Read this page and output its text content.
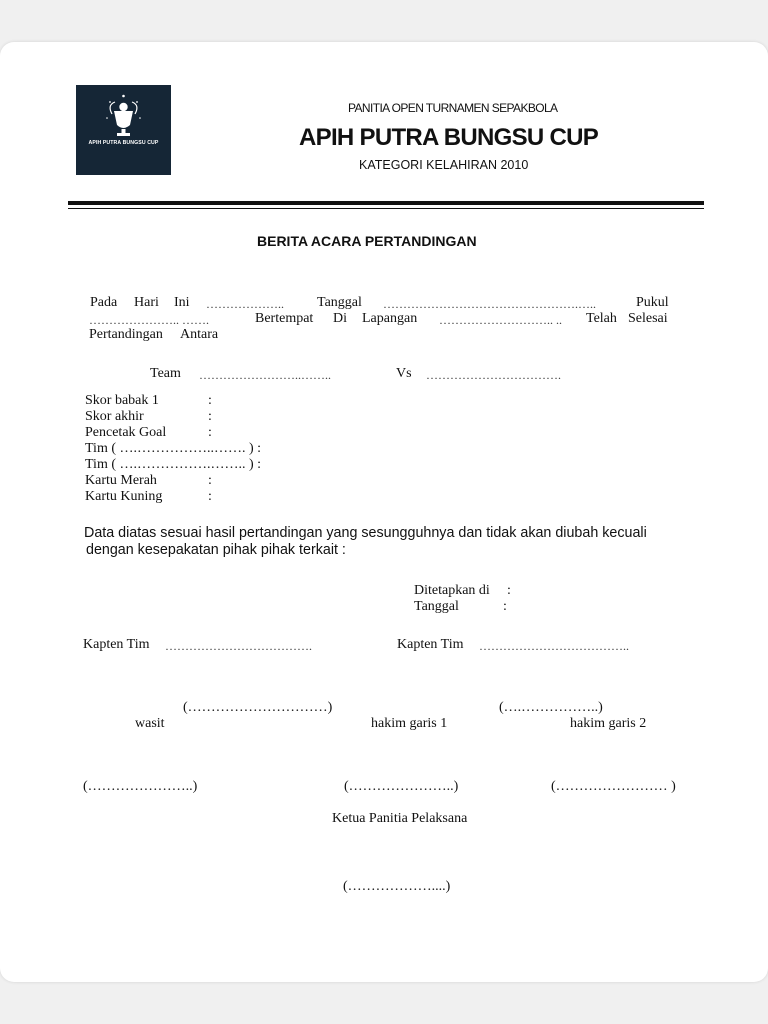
APIH PUTRA BUNGSU CUP
PANITIA OPEN TURNAMEN SEPAKBOLA
APIH PUTRA BUNGSU CUP
KATEGORI KELAHIRAN 2010
BERITA ACARA PERTANDINGAN
Pada Hari Ini ……………….. Tanggal ………………………………………….…..	Pukul
………………….. …….	Bertempat Di Lapangan ……………………….. .. Telah Selesai
Pertandingan Antara
Team ……………………..……..	Vs …………………………….
Skor babak 1	:
Skor akhir	:
Pencetak Goal	:
Tim ( ….……………..……. ) :
Tim ( ….…………….…….. ) :
Kartu Merah	:
Kartu Kuning	:
Data diatas sesuai hasil pertandingan yang sesungguhnya dan tidak akan diubah kecuali
dengan kesepakatan pihak pihak terkait :
Ditetapkan di :
Tanggal	:
Kapten Tim ……………………………….	Kapten Tim ………………………………..
(…………………………)
wasit	hakim garis 1
(….……………..)
hakim garis 2
(…………………..)	(…………………..)	(…………………… )
Ketua Panitia Pelaksana
(………………....)
